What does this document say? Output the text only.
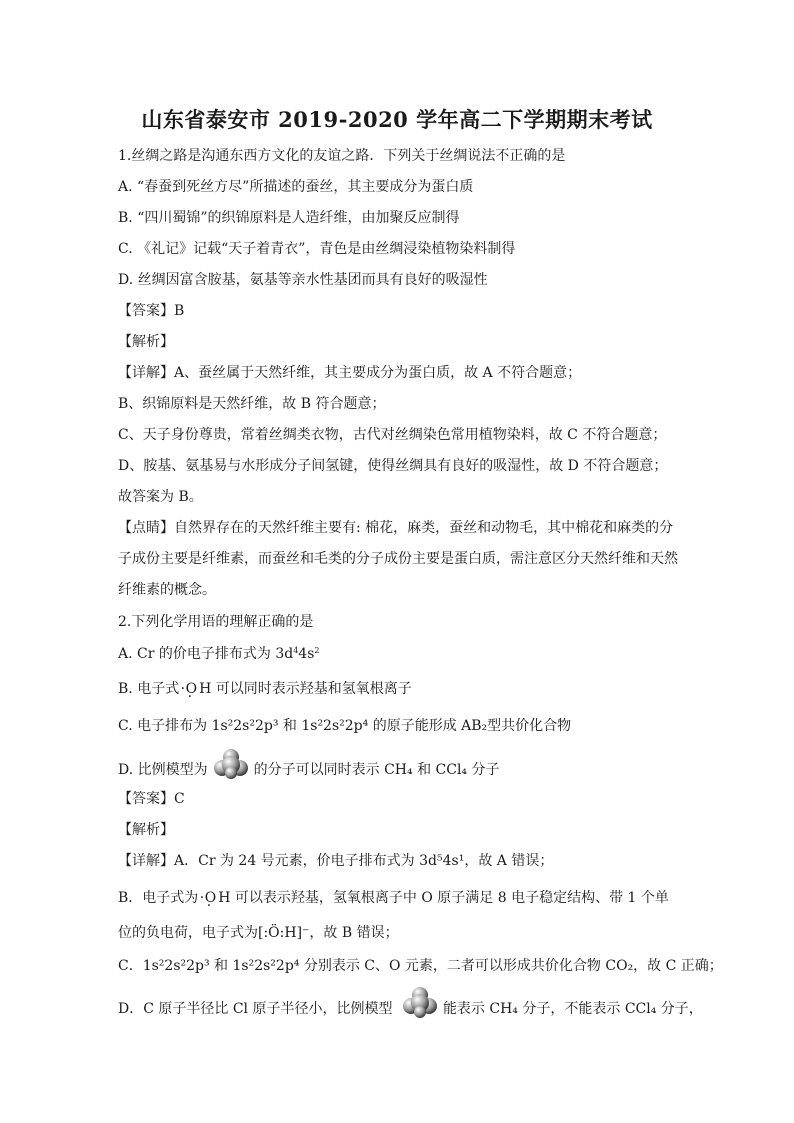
山东省泰安市 2019-2020 学年高二下学期期末考试
1.丝绸之路是沟通东西方文化的友谊之路．下列关于丝绸说法不正确的是
A. “春蚕到死丝方尽”所描述的蚕丝，其主要成分为蛋白质
B. “四川蜀锦”的织锦原料是人造纤维，由加聚反应制得
C. 《礼记》记载“天子着青衣”，青色是由丝绸浸染植物染料制得
D. 丝绸因富含胺基，氨基等亲水性基团而具有良好的吸湿性
【答案】B
【解析】
【详解】A、蚕丝属于天然纤维，其主要成分为蛋白质，故 A 不符合题意；
B、织锦原料是天然纤维，故 B 符合题意；
C、天子身份尊贵，常着丝绸类衣物，古代对丝绸染色常用植物染料，故 C 不符合题意；
D、胺基、氨基易与水形成分子间氢键，使得丝绸具有良好的吸湿性，故 D 不符合题意；
故答案为 B。
【点睛】自然界存在的天然纤维主要有: 棉花，麻类，蚕丝和动物毛，其中棉花和麻类的分
子成份主要是纤维素，而蚕丝和毛类的分子成份主要是蛋白质，需注意区分天然纤维和天然
纤维素的概念。
2.下列化学用语的理解正确的是
A. Cr 的价电子排布式为 $3d^44s^2$
B. 电子式 · O · H 可以同时表示羟基和氢氧根离子
C. 电子排布为 1s²2s²2p³ 和 1s²2s²2p⁴ 的原子能形成 AB₂型共价化合物
D. 比例模型为	的分子可以同时表示 CH₄ 和 CCl₄ 分子
【答案】C
【解析】
【详解】A．Cr 为 24 号元素，价电子排布式为 3d⁵4s¹，故 A 错误；
B．电子式为 · O · H 可以表示羟基，氢氧根离子中 O 原子满足 8 电子稳定结构、带 1 个单
位的负电荷，电子式为[:Ö:H]⁻，故 B 错误；
C．1s²2s²2p³ 和 1s²2s²2p⁴ 分别表示 C、O 元素，二者可以形成共价化合物 CO₂，故 C 正确；
D．C 原子半径比 Cl 原子半径小，比例模型	能表示 CH₄ 分子，不能表示 CCl₄ 分子，
